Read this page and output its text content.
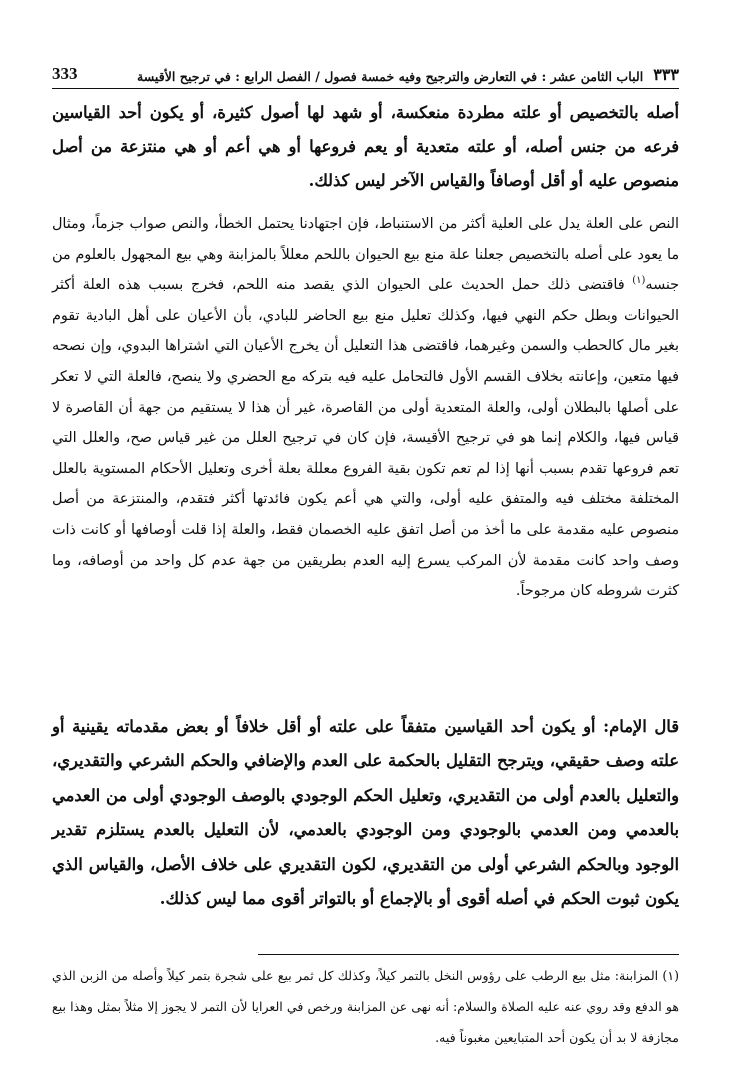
333	الباب الثامن عشر : في التعارض والترجيح وفيه خمسة فصول / الفصل الرابع : في ترجيح الأقيسة ٣٣٣

أصله بالتخصيص أو علته مطردة منعكسة، أو شهد لها أصول كثيرة، أو يكون أحد القياسين فرعه من جنس أصله، أو علته متعدية أو يعم فروعها أو هي أعم أو هي منتزعة من أصل منصوص عليه أو أقل أوصافاً والقياس الآخر ليس كذلك.

النص على العلة يدل على العلية أكثر من الاستنباط، فإن اجتهادنا يحتمل الخطأ، والنص صواب جزماً، ومثال ما يعود على أصله بالتخصيص جعلنا علة منع بيع الحيوان باللحم معللاً بالمزابنة وهي بيع المجهول بالعلوم من جنسه$^{(١)}$ فاقتضى ذلك حمل الحديث على الحيوان الذي يقصد منه اللحم، فخرج بسبب هذه العلة أكثر الحيوانات وبطل حكم النهي فيها، وكذلك تعليل منع بيع الحاضر للبادي، بأن الأعيان على أهل البادية تقوم بغير مال كالحطب والسمن وغيرهما، فاقتضى هذا التعليل أن يخرج الأعيان التي اشتراها البدوي، وإن نصحه فيها متعين، وإعانته بخلاف القسم الأول فالتحامل عليه فيه بتركه مع الحضري ولا ينصح، فالعلة التي لا تعكر على أصلها بالبطلان أولى، والعلة المتعدية أولى من القاصرة، غير أن هذا لا يستقيم من جهة أن القاصرة لا قياس فيها، والكلام إنما هو في ترجيح الأقيسة، فإن كان في ترجيح العلل من غير قياس صح، والعلل التي تعم فروعها تقدم بسبب أنها إذا لم تعم تكون بقية الفروع معللة بعلة أخرى وتعليل الأحكام المستوية بالعلل المختلفة مختلف فيه والمتفق عليه أولى، والتي هي أعم يكون فائدتها أكثر فتقدم، والمنتزعة من أصل منصوص عليه مقدمة على ما أخذ من أصل اتفق عليه الخصمان فقط، والعلة إذا قلت أوصافها أو كانت ذات وصف واحد كانت مقدمة لأن المركب يسرع إليه العدم بطريقين من جهة عدم كل واحد من أوصافه، وما كثرت شروطه كان مرجوحاً.

قال الإمام: أو يكون أحد القياسين متفقاً على علته أو أقل خلافاً أو بعض مقدماته يقينية أو علته وصف حقيقي، ويترجح التقليل بالحكمة على العدم والإضافي والحكم الشرعي والتقديري، والتعليل بالعدم أولى من التقديري، وتعليل الحكم الوجودي بالوصف الوجودي أولى من العدمي بالعدمي ومن العدمي بالوجودي ومن الوجودي بالعدمي، لأن التعليل بالعدم يستلزم تقدير الوجود وبالحكم الشرعي أولى من التقديري، لكون التقديري على خلاف الأصل، والقياس الذي يكون ثبوت الحكم في أصله أقوى أو بالإجماع أو بالتواتر أقوى مما ليس كذلك.

(١) المزابنة: مثل بيع الرطب على رؤوس النخل بالتمر كيلاً، وكذلك كل ثمر بيع على شجرة بتمر كيلاً وأصله من الزبن الذي هو الدفع وقد روي عنه عليه الصلاة والسلام: أنه نهى عن المزابنة ورخص في العرايا لأن التمر لا يجوز إلا مثلاً بمثل وهذا بيع مجازفة لا بد أن يكون أحد المتبايعين مغبوناً فيه.
